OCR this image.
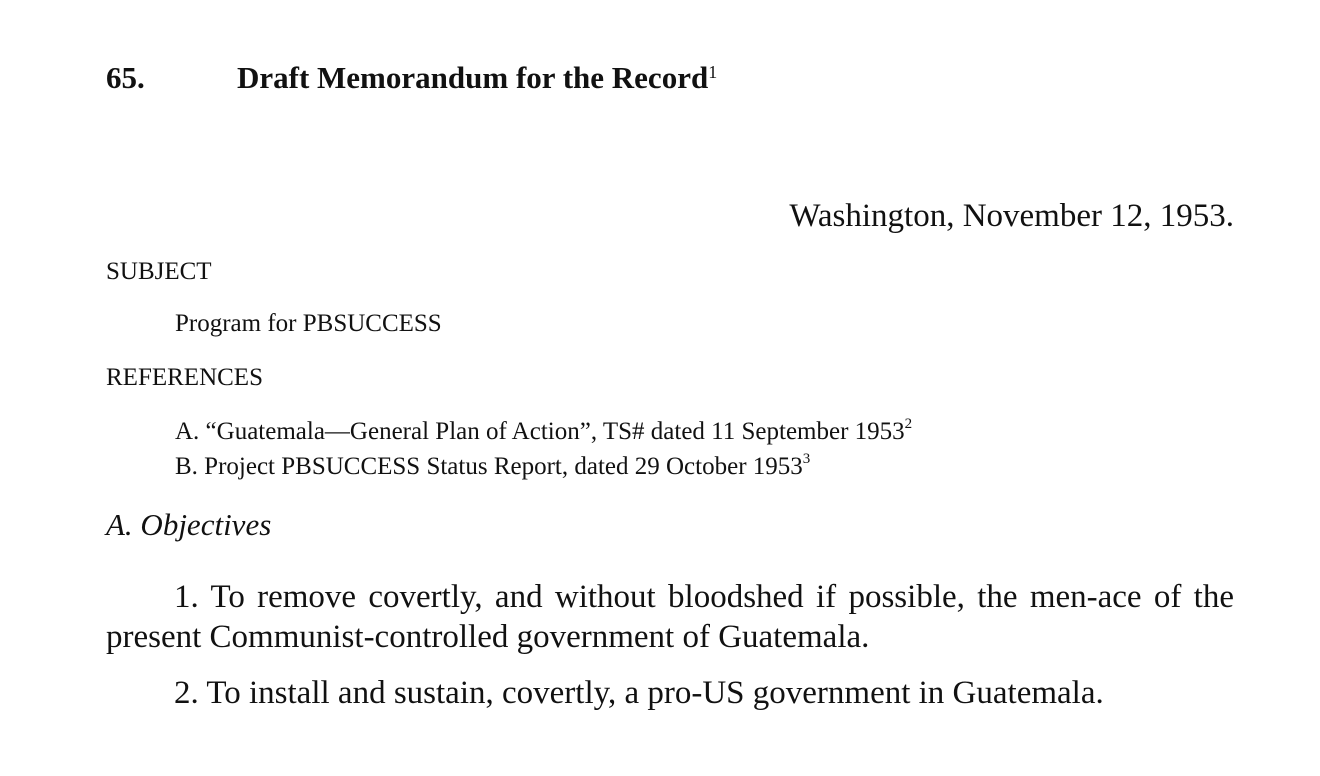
65.	Draft Memorandum for the Record$^1$
Washington, November 12, 1953.
SUBJECT
Program for PBSUCCESS
REFERENCES
A. “Guatemala—General Plan of Action”, TS# dated 11 September 1953$^2$
B. Project PBSUCCESS Status Report, dated 29 October 1953$^3$
A. Objectives

1. To remove covertly, and without bloodshed if possible, the men-ace of the present Communist-controlled government of Guatemala.

2. To install and sustain, covertly, a pro-US government in Guatemala.
